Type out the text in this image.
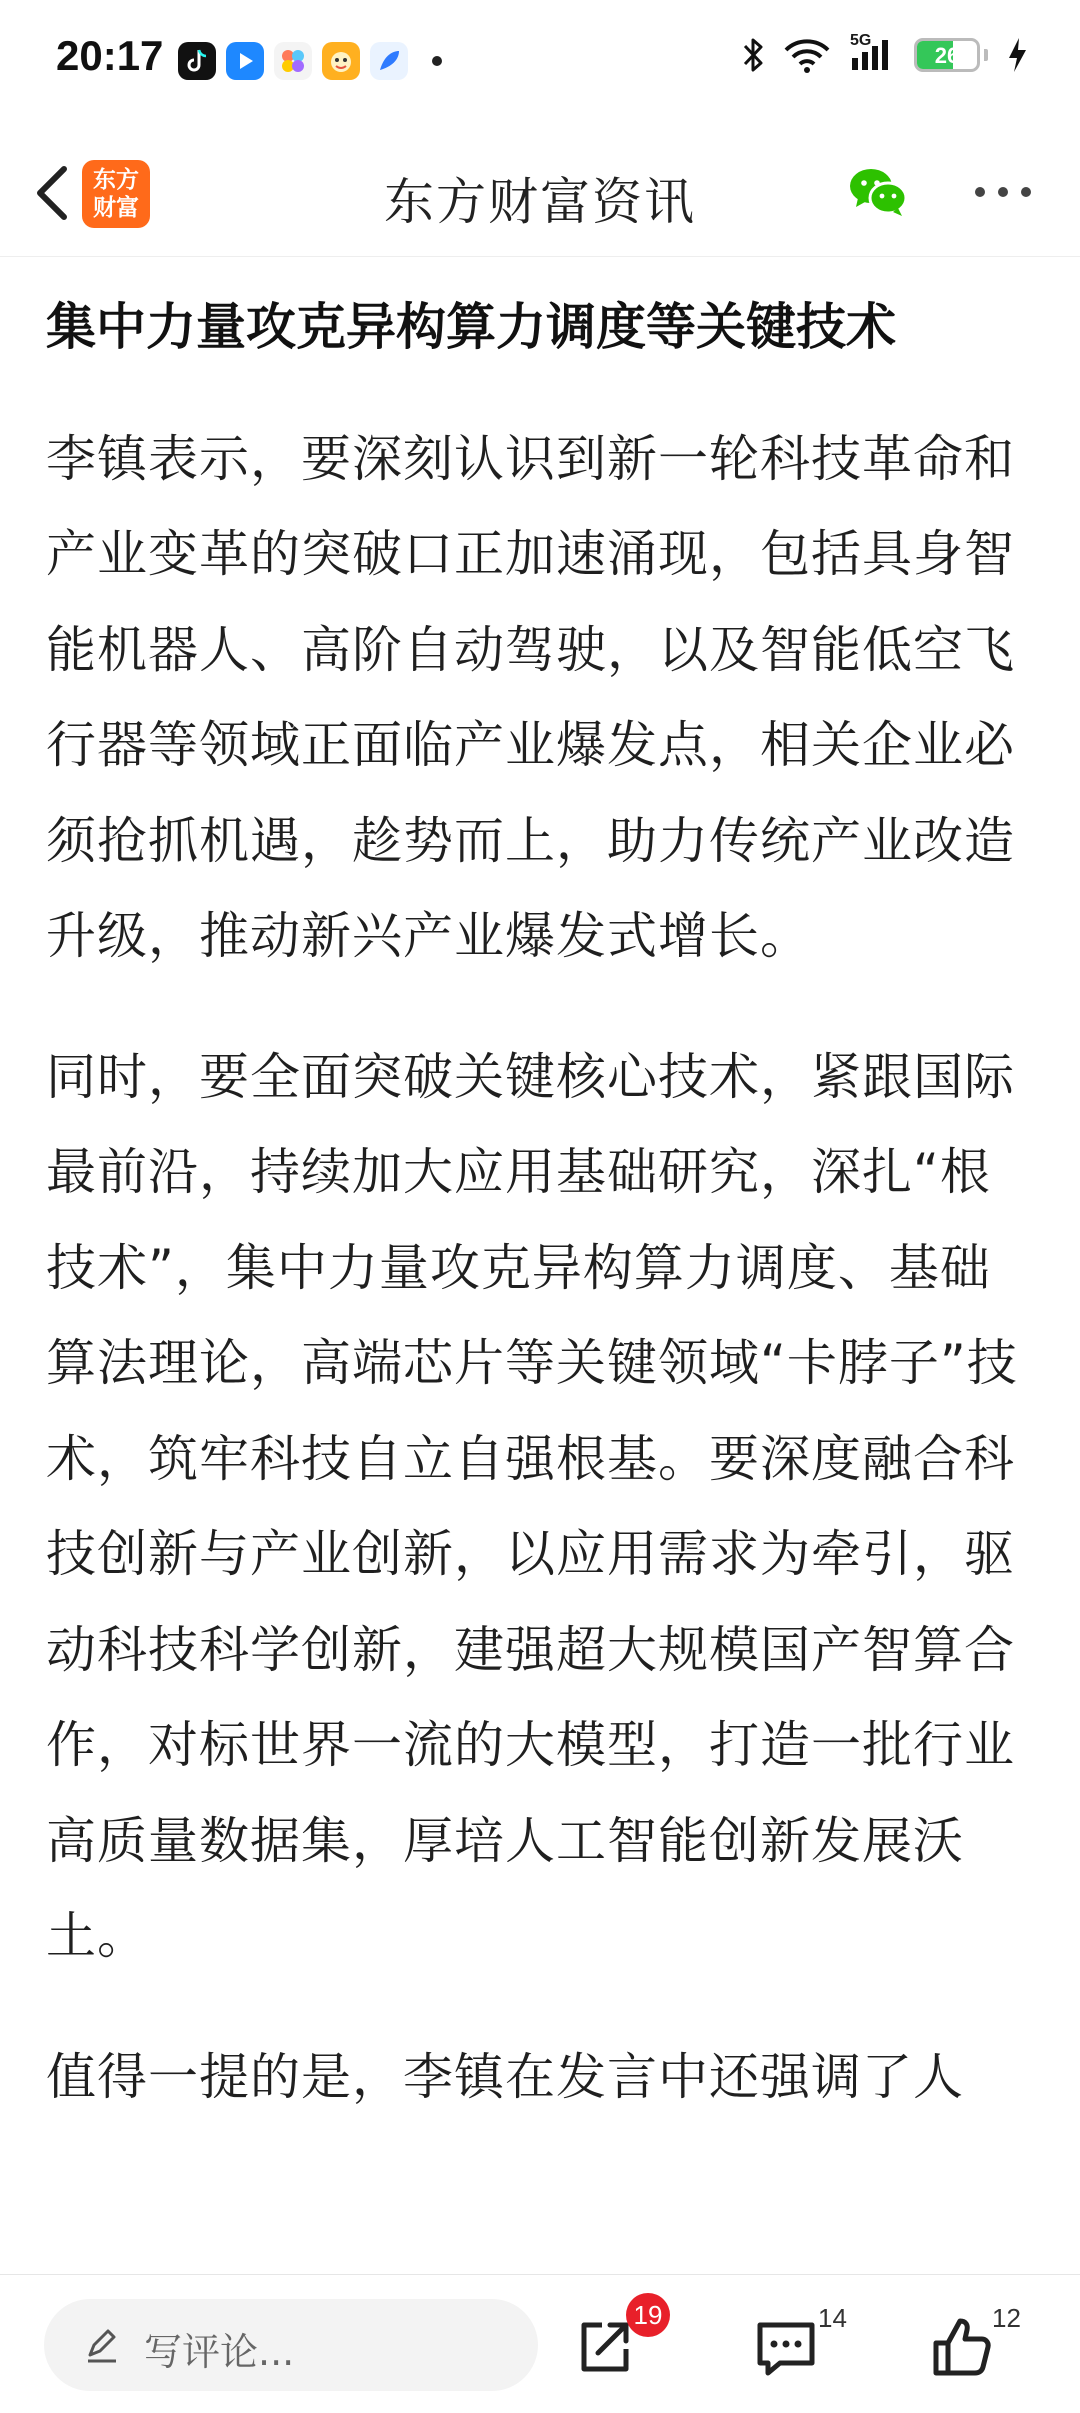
20:17	5G
26
东方
财富	东方财富资讯

集中力量攻克异构算力调度等关键技术

李镇表示，要深刻认识到新一轮科技革命和产业变革的突破口正加速涌现，包括具身智能机器人、高阶自动驾驶，以及智能低空飞行器等领域正面临产业爆发点，相关企业必须抢抓机遇，趁势而上，助力传统产业改造升级，推动新兴产业爆发式增长。

同时，要全面突破关键核心技术，紧跟国际最前沿，持续加大应用基础研究，深扎“根技术”，集中力量攻克异构算力调度、基础算法理论，高端芯片等关键领域“卡脖子”技术，筑牢科技自立自强根基。要深度融合科技创新与产业创新，以应用需求为牵引，驱动科技科学创新，建强超大规模国产智算合作，对标世界一流的大模型，打造一批行业高质量数据集，厚培人工智能创新发展沃土。

值得一提的是，李镇在发言中还强调了人

写评论...
19	14	12
